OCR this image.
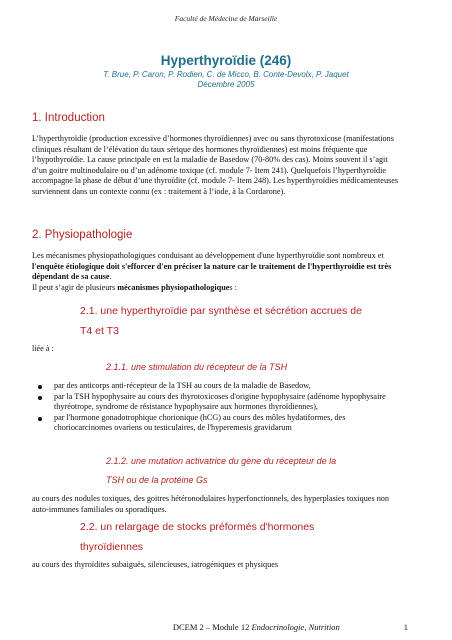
Faculté de Médecine de Marseille
Hyperthyroïdie (246)
T. Brue, P. Caron, P. Rodien, C. de Micco, B. Conte-Devolx, P. Jaquet
Décembre 2005
1. Introduction
L’hyperthyroïdie (production excessive d’hormones thyroïdiennes) avec ou sans thyrotoxicose (manifestations cliniques résultant de l’élévation du taux sérique des hormones thyroïdiennes) est moins fréquente que l’hypothyroïdie. La cause principale en est la maladie de Basedow (70-80% des cas). Moins souvent il s’agit d’un goitre multinodulaire ou d’un adénome toxique (cf. module 7- Item 241). Quelquefois l’hyperthyroïdie accompagne la phase de début d’une thyroïdite (cf. module 7- Item 248). Les hyperthyroïdies médicamenteuses surviennent dans un contexte connu (ex : traitement à l’iode, à la Cordarone).
2. Physiopathologie
Les mécanismes physiopathologiques conduisant au développement d'une hyperthyroïdie sont nombreux et l'enquête étiologique doit s'efforcer d'en préciser la nature car le traitement de l'hyperthyroïdie est très dépendant de sa cause.
Il peut s’agir de plusieurs mécanismes physiopathologiques :
2.1. une hyperthyroïdie par synthèse et sécrétion accrues de
T4 et T3
liée à :
2.1.1. une stimulation du récepteur de la TSH
par des anticorps anti-récepteur de la TSH au cours de la maladie de Basedow,
par la TSH hypophysaire au cours des thyrotoxicoses d'origine hypophysaire (adénome hypophysaire thyréotrope, syndrome de résistance hypophysaire aux hormones thyroïdiennes),
par l'hormone gonadotrophique chorionique (hCG) au cours des môles hydatiformes, des choriocarcinomes ovariens ou testiculaires, de l'hyperemesis gravidarum
2.1.2. une mutation activatrice du gène du récepteur de la
TSH ou de la protéine Gs
au cours des nodules toxiques, des goitres hétéronodulaires hyperfonctionnels, des hyperplasies toxiques non auto-immunes familiales ou sporadiques.
2.2. un relargage de stocks préformés d'hormones
thyroïdiennes
au cours des thyroïdites subaiguës, silencieuses, iatrogéniques et physiques
DCEM 2 – Module 12 Endocrinologie, Nutrition	1
